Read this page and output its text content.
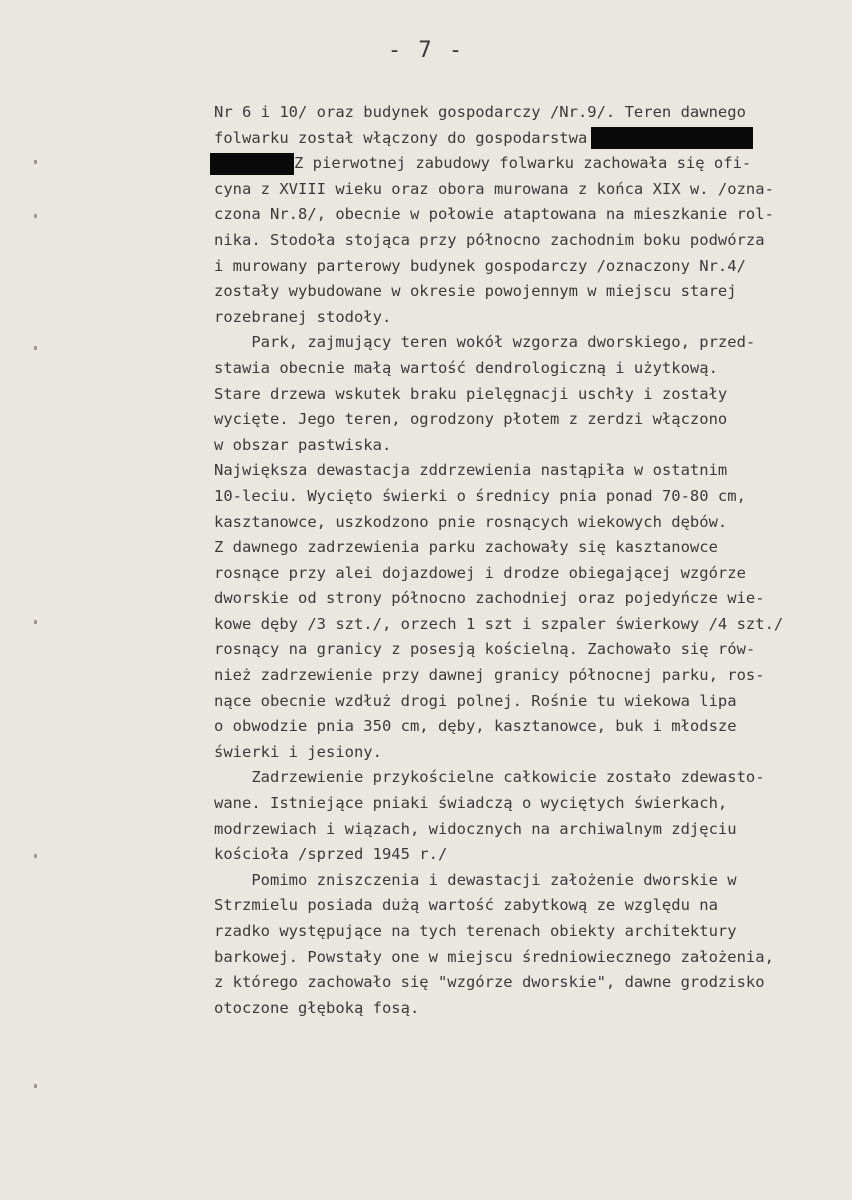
- 7 -
Nr 6 i 10/ oraz budynek gospodarczy /Nr.9/. Teren dawnego
folwarku został włączony do gospodarstwa
Z pierwotnej zabudowy folwarku zachowała się ofi-
cyna z XVIII wieku oraz obora murowana z końca XIX w. /ozna-
czona Nr.8/, obecnie w połowie ataptowana na mieszkanie rol-
nika. Stodoła stojąca przy północno zachodnim boku podwórza
i murowany parterowy budynek gospodarczy /oznaczony Nr.4/
zostały wybudowane w okresie powojennym w miejscu starej
rozebranej stodoły.
Park, zajmujący teren wokół wzgorza dworskiego, przed-
stawia obecnie małą wartość dendrologiczną i użytkową.
Stare drzewa wskutek braku pielęgnacji uschły i zostały
wycięte. Jego teren, ogrodzony płotem z zerdzi włączono
w obszar pastwiska.
Największa dewastacja zddrzewienia nastąpiła w ostatnim
10-leciu. Wycięto świerki o średnicy pnia ponad 70-80 cm,
kasztanowce, uszkodzono pnie rosnących wiekowych dębów.
Z dawnego zadrzewienia parku zachowały się kasztanowce
rosnące przy alei dojazdowej i drodze obiegającej wzgórze
dworskie od strony północno zachodniej oraz pojedyńcze wie-
kowe dęby /3 szt./, orzech 1 szt i szpaler świerkowy /4 szt./
rosnący na granicy z posesją kościelną. Zachowało się rów-
nież zadrzewienie przy dawnej granicy północnej parku, ros-
nące obecnie wzdłuż drogi polnej. Rośnie tu wiekowa lipa
o obwodzie pnia 350 cm, dęby, kasztanowce, buk i młodsze
świerki i jesiony.
Zadrzewienie przykościelne całkowicie zostało zdewasto-
wane. Istniejące pniaki świadczą o wyciętych świerkach,
modrzewiach i wiązach, widocznych na archiwalnym zdjęciu
kościoła /sprzed 1945 r./
Pomimo zniszczenia i dewastacji założenie dworskie w
Strzmielu posiada dużą wartość zabytkową ze względu na
rzadko występujące na tych terenach obiekty architektury
barkowej. Powstały one w miejscu średniowiecznego założenia,
z którego zachowało się "wzgórze dworskie", dawne grodzisko
otoczone głęboką fosą.
